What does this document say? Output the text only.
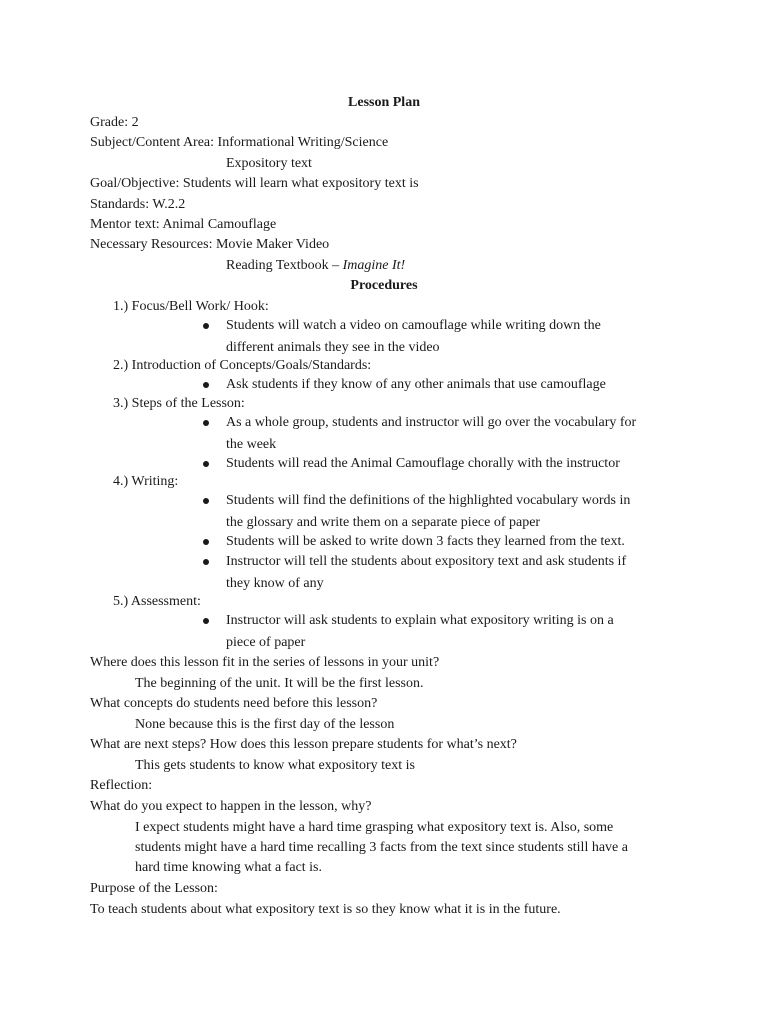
Lesson Plan
Grade: 2
Subject/Content Area: Informational Writing/Science
Expository text
Goal/Objective: Students will learn what expository text is
Standards: W.2.2
Mentor text: Animal Camouflage
Necessary Resources: Movie Maker Video
Reading Textbook – Imagine It!
Procedures
1.) Focus/Bell Work/ Hook:
Students will watch a video on camouflage while writing down the
different animals they see in the video
2.) Introduction of Concepts/Goals/Standards:
Ask students if they know of any other animals that use camouflage
3.) Steps of the Lesson:
As a whole group, students and instructor will go over the vocabulary for
the week
Students will read the Animal Camouflage chorally with the instructor
4.) Writing:
Students will find the definitions of the highlighted vocabulary words in
the glossary and write them on a separate piece of paper
Students will be asked to write down 3 facts they learned from the text.
Instructor will tell the students about expository text and ask students if
they know of any
5.) Assessment:
Instructor will ask students to explain what expository writing is on a
piece of paper
Where does this lesson fit in the series of lessons in your unit?
The beginning of the unit. It will be the first lesson.
What concepts do students need before this lesson?
None because this is the first day of the lesson
What are next steps? How does this lesson prepare students for what’s next?
This gets students to know what expository text is
Reflection:
What do you expect to happen in the lesson, why?
I expect students might have a hard time grasping what expository text is. Also, some
students might have a hard time recalling 3 facts from the text since students still have a
hard time knowing what a fact is.
Purpose of the Lesson:
To teach students about what expository text is so they know what it is in the future.
